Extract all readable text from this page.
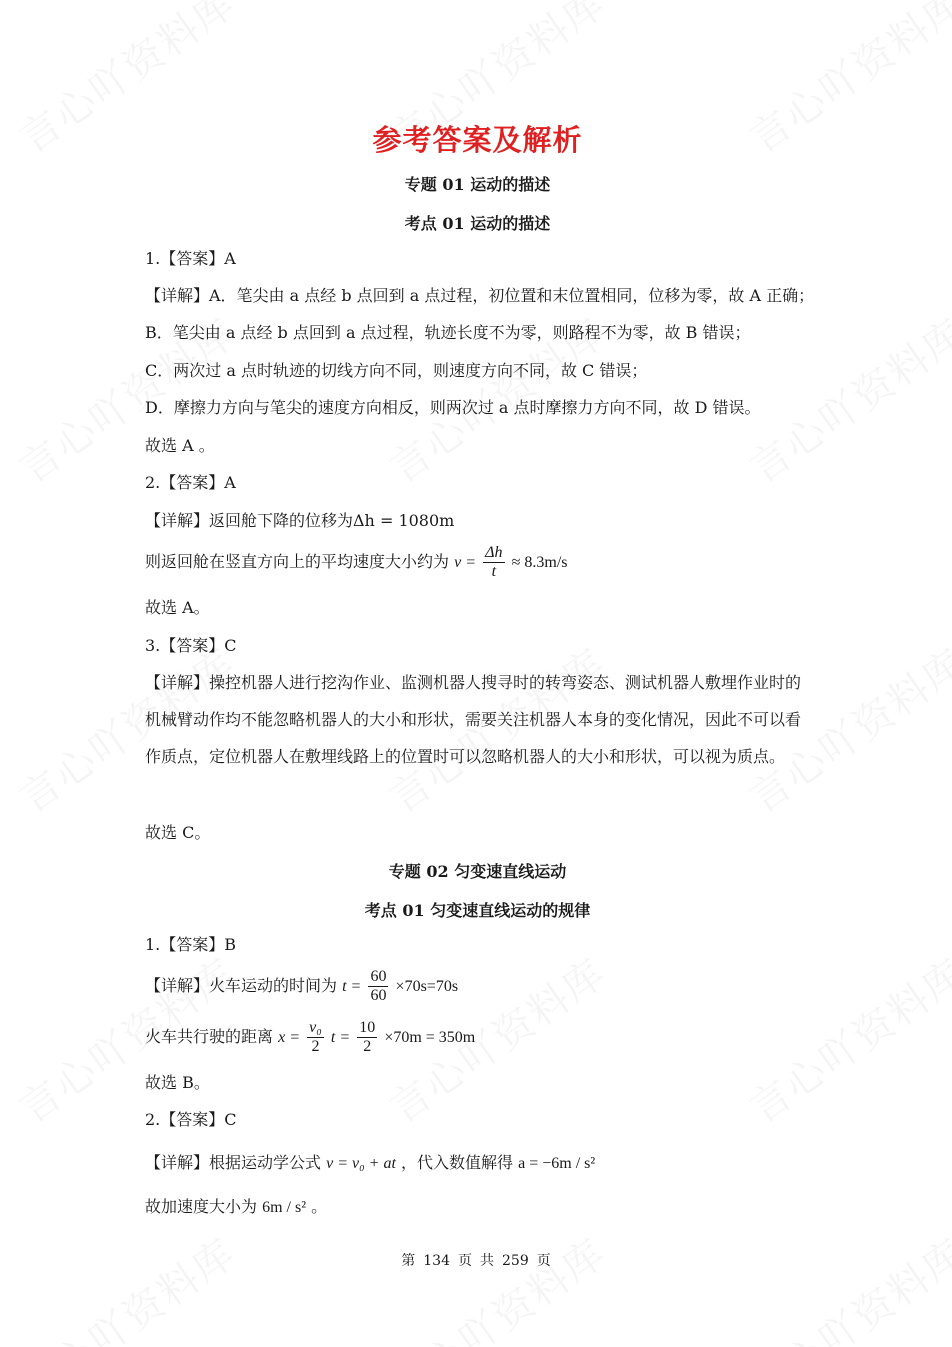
参考答案及解析
专题 01 运动的描述
考点 01 运动的描述
1.【答案】A
【详解】A．笔尖由 a 点经 b 点回到 a 点过程，初位置和末位置相同，位移为零，故 A 正确；
B．笔尖由 a 点经 b 点回到 a 点过程，轨迹长度不为零，则路程不为零，故 B 错误；
C．两次过 a 点时轨迹的切线方向不同，则速度方向不同，故 C 错误；
D．摩擦力方向与笔尖的速度方向相反，则两次过 a 点时摩擦力方向不同，故 D 错误。
故选 A 。
2.【答案】A
【详解】返回舱下降的位移为Δh = 1080m
则返回舱在竖直方向上的平均速度大小约为 $v = \frac{\Delta h}{t} \approx 8.3m/s$
故选 A。
3.【答案】C
【详解】操控机器人进行挖沟作业、监测机器人搜寻时的转弯姿态、测试机器人敷埋作业时的机械臂动作均不能忽略机器人的大小和形状，需要关注机器人本身的变化情况，因此不可以看作质点，定位机器人在敷埋线路上的位置时可以忽略机器人的大小和形状，可以视为质点。
故选 C。
专题 02 匀变速直线运动
考点 01 匀变速直线运动的规律
1.【答案】B
【详解】火车运动的时间为 $t = \frac{60}{60} \times 70s=70s$
火车共行驶的距离 $x = \frac{\text{v₀}}{2}$ $t = \frac{10}{2} \times 70m = 350m$
故选 B。
2.【答案】C
【详解】根据运动学公式 v = v₀ + at ，代入数值解得 a = −6m / s²
故加速度大小为 6m / s² 。
第 134 页 共 259 页
